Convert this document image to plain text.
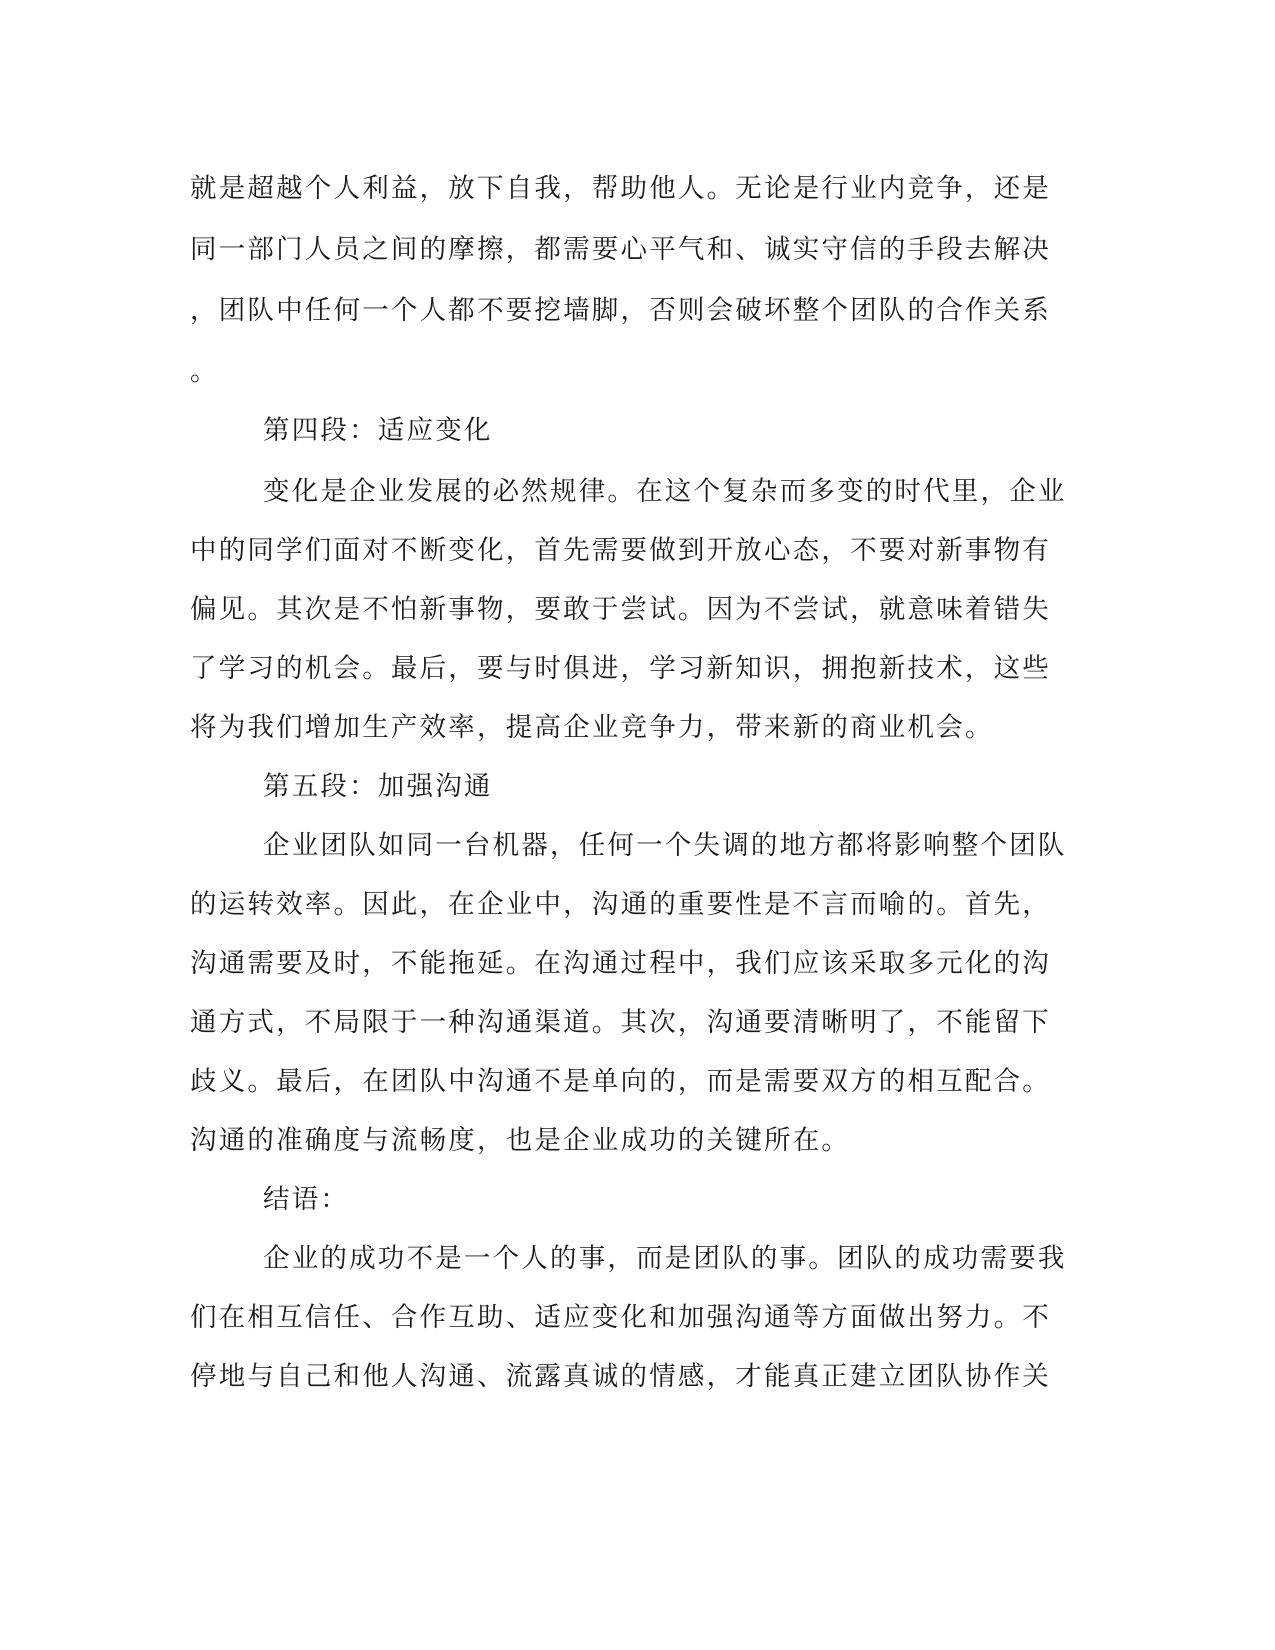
就是超越个人利益，放下自我，帮助他人。无论是行业内竞争，还是
同一部门人员之间的摩擦，都需要心平气和、诚实守信的手段去解决
，团队中任何一个人都不要挖墙脚，否则会破坏整个团队的合作关系
。
第四段：适应变化
变化是企业发展的必然规律。在这个复杂而多变的时代里，企业
中的同学们面对不断变化，首先需要做到开放心态，不要对新事物有
偏见。其次是不怕新事物，要敢于尝试。因为不尝试，就意味着错失
了学习的机会。最后，要与时俱进，学习新知识，拥抱新技术，这些
将为我们增加生产效率，提高企业竞争力，带来新的商业机会。
第五段：加强沟通
企业团队如同一台机器，任何一个失调的地方都将影响整个团队
的运转效率。因此，在企业中，沟通的重要性是不言而喻的。首先，
沟通需要及时，不能拖延。在沟通过程中，我们应该采取多元化的沟
通方式，不局限于一种沟通渠道。其次，沟通要清晰明了，不能留下
歧义。最后，在团队中沟通不是单向的，而是需要双方的相互配合。
沟通的准确度与流畅度，也是企业成功的关键所在。
结语：
企业的成功不是一个人的事，而是团队的事。团队的成功需要我
们在相互信任、合作互助、适应变化和加强沟通等方面做出努力。不
停地与自己和他人沟通、流露真诚的情感，才能真正建立团队协作关
